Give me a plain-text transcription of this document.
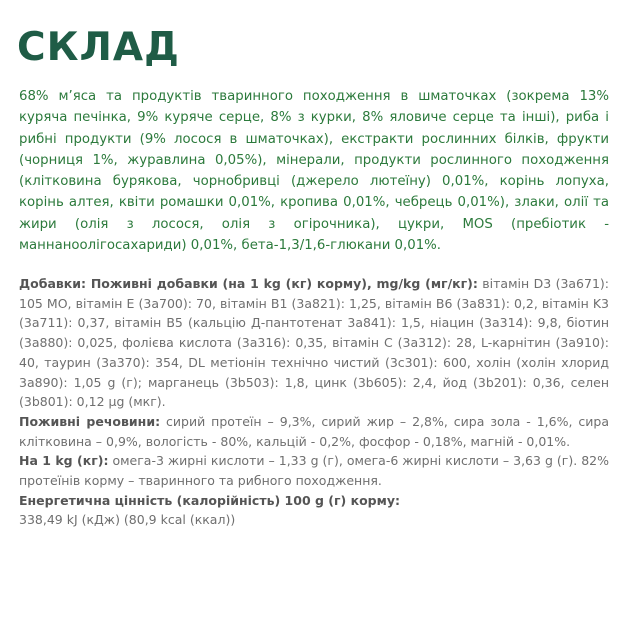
СКЛАД

68% м’яса та продуктів тваринного походження в шматочках (зокрема 13% куряча печінка, 9% куряче серце, 8% з курки, 8% яловиче серце та інші), риба і рибні продукти (9% лосося в шматочках), екстракти рослинних білків, фрукти (чорниця 1%, журавлина 0,05%), мінерали, продукти рослинного походження (клітковина бурякова, чорнобривці (джерело лютеїну) 0,01%, корінь лопуха, корінь алтея, квіти ромашки 0,01%, кропива 0,01%, чебрець 0,01%), злаки, олії та жири (олія з лосося, олія з огірочника), цукри, MOS (пребіотик - маннаноолігосахариди) 0,01%, бета-1,3/1,6-глюкани 0,01%.

Добавки: Поживні добавки (на 1 kg (кг) корму), mg/kg (мг/кг): вітамін D3 (3a671): 105 МО, вітамін E (3a700): 70, вітамін B1 (3a821): 1,25, вітамін B6 (3a831): 0,2, вітамін K3 (3a711): 0,37, вітамін B5 (кальцію Д-пантотенат 3a841): 1,5, ніацин (3a314): 9,8, біотин (3a880): 0,025, фолієва кислота (3a316): 0,35, вітамін C (3a312): 28, L-карнітин (3a910): 40, таурин (3a370): 354, DL метіонін технічно чистий (3c301): 600, холін (холін хлорид 3a890): 1,05 g (г); марганець (3b503): 1,8, цинк (3b605): 2,4, йод (3b201): 0,36, селен (3b801): 0,12 µg (мкг).

Поживні речовини: сирий протеїн – 9,3%, сирий жир – 2,8%, сира зола - 1,6%, сира клітковина – 0,9%, вологість - 80%, кальцій - 0,2%, фосфор - 0,18%, магній - 0,01%.

На 1 kg (кг): омега-3 жирні кислоти – 1,33 g (г), омега-6 жирні кислоти – 3,63 g (г). 82% протеїнів корму – тваринного та рибного походження.

Енергетична цінність (калорійність) 100 g (г) корму:
338,49 kJ (кДж) (80,9 kcal (ккал))
